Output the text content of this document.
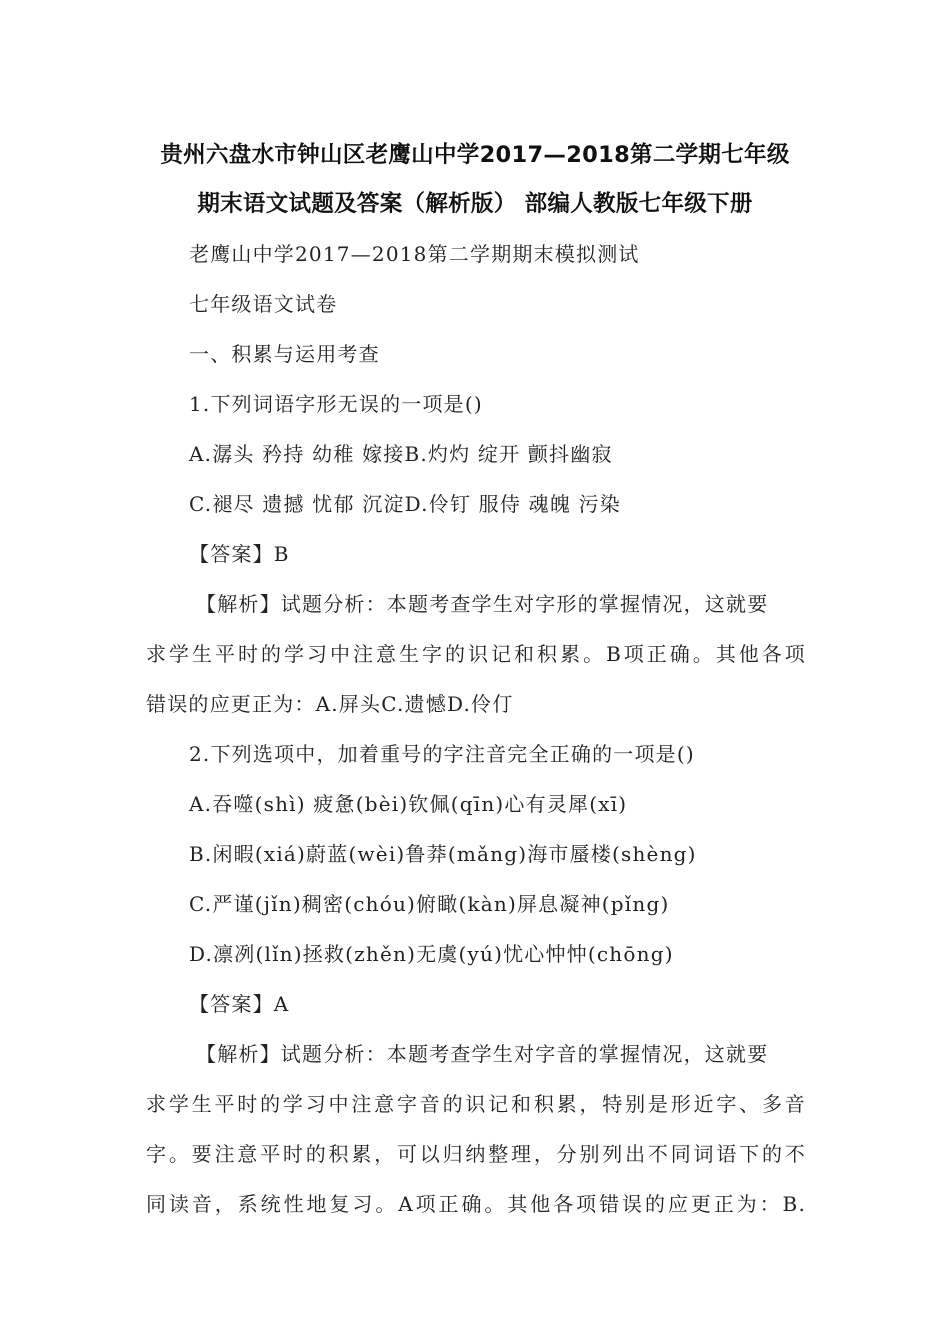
贵州六盘水市钟山区老鹰山中学2017—2018第二学期七年级
期末语文试题及答案（解析版） 部编人教版七年级下册
老鹰山中学2017—2018第二学期期末模拟测试
七年级语文试卷
一、积累与运用考查
1.下列词语字形无误的一项是()
A.潺头 矜持 幼稚 嫁接B.灼灼 绽开 颤抖幽寂
C.褪尽 遗撼 忧郁 沉淀D.伶钉 服侍 魂魄 污染
【答案】B
【解析】试题分析：本题考查学生对字形的掌握情况，这就要
求学生平时的学习中注意生字的识记和积累。B项正确。其他各项
错误的应更正为：A.屏头C.遗憾D.伶仃
2.下列选项中，加着重号的字注音完全正确的一项是()
A.吞噬(shì) 疲惫(bèi)钦佩(qīn)心有灵犀(xī)
B.闲暇(xiá)蔚蓝(wèi)鲁莽(mǎng)海市蜃楼(shèng)
C.严谨(jǐn)稠密(chóu)俯瞰(kàn)屏息凝神(pǐng)
D.凛冽(lǐn)拯救(zhěn)无虞(yú)忧心忡忡(chōng)
【答案】A
【解析】试题分析：本题考查学生对字音的掌握情况，这就要
求学生平时的学习中注意字音的识记和积累，特别是形近字、多音
字。要注意平时的积累，可以归纳整理，分别列出不同词语下的不
同读音，系统性地复习。A项正确。其他各项错误的应更正为：B.
